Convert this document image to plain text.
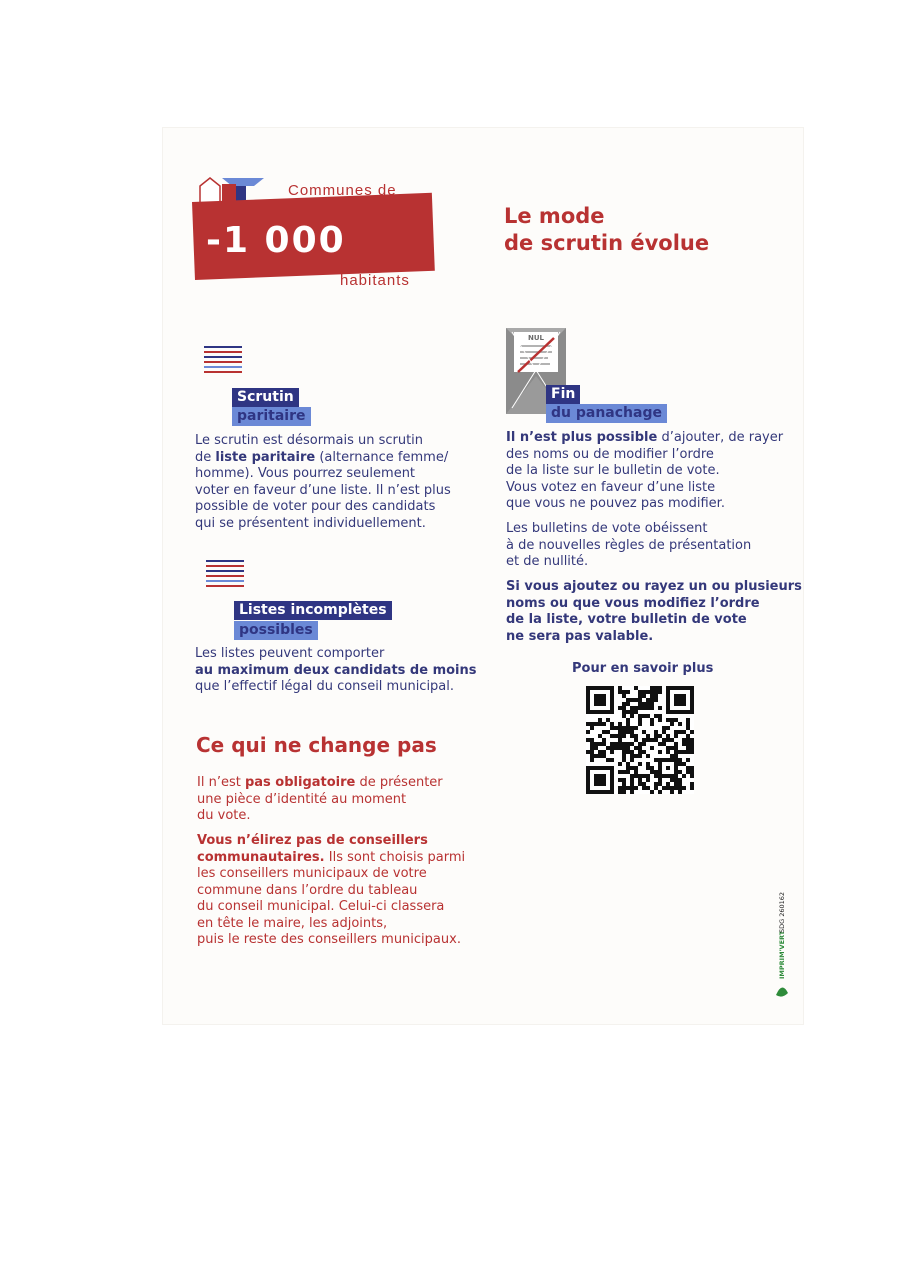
-1 000
Communes de
habitants
Le mode
de scrutin évolue
Scrutin
paritaire
Le scrutin est désormais un scrutin
de liste paritaire (alternance femme/
homme). Vous pourrez seulement
voter en faveur d’une liste. Il n’est plus
possible de voter pour des candidats
qui se présentent individuellement.
Listes incomplètes
possibles
Les listes peuvent comporter
au maximum deux candidats de moins
que l’effectif légal du conseil municipal.
NUL
Fin
du panachage
Il n’est plus possible d’ajouter, de rayer
des noms ou de modifier l’ordre
de la liste sur le bulletin de vote.
Vous votez en faveur d’une liste
que vous ne pouvez pas modifier.
Les bulletins de vote obéissent
à de nouvelles règles de présentation
et de nullité.
Si vous ajoutez ou rayez un ou plusieurs
noms ou que vous modifiez l’ordre
de la liste, votre bulletin de vote
ne sera pas valable.
Pour en savoir plus
Ce qui ne change pas
Il n’est pas obligatoire de présenter
une pièce d’identité au moment
du vote.
Vous n’élirez pas de conseillers
communautaires. Ils sont choisis parmi
les conseillers municipaux de votre
commune dans l’ordre du tableau
du conseil municipal. Celui-ci classera
en tête le maire, les adjoints,
puis le reste des conseillers municipaux.	IMPRIM'VERT
SDG 260162
